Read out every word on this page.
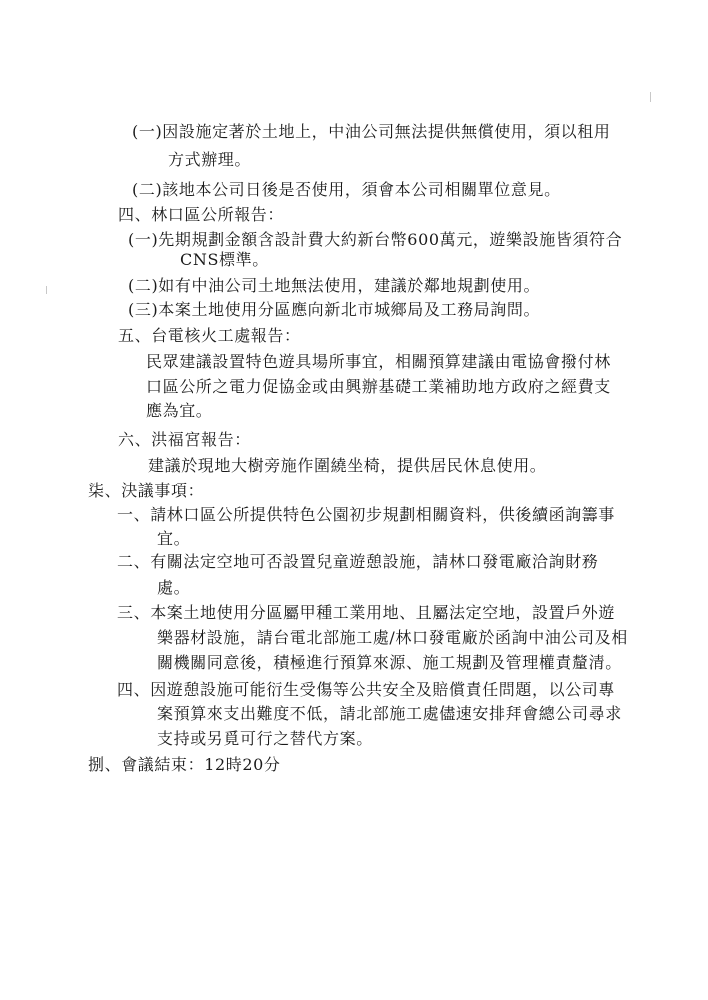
(一)因設施定著於土地上，中油公司無法提供無償使用，須以租用
方式辦理。
(二)該地本公司日後是否使用，須會本公司相關單位意見。
四、林口區公所報告：
(一)先期規劃金額含設計費大約新台幣600萬元，遊樂設施皆須符合
CNS標準。
(二)如有中油公司土地無法使用，建議於鄰地規劃使用。
(三)本案土地使用分區應向新北市城鄉局及工務局詢問。
五、台電核火工處報告：
民眾建議設置特色遊具場所事宜，相關預算建議由電協會撥付林
口區公所之電力促協金或由興辦基礎工業補助地方政府之經費支
應為宜。
六、洪福宮報告：
建議於現地大樹旁施作圍繞坐椅，提供居民休息使用。
柒、決議事項：
一、請林口區公所提供特色公園初步規劃相關資料，供後續函詢籌事
宜。
二、有關法定空地可否設置兒童遊憩設施，請林口發電廠洽詢財務
處。
三、本案土地使用分區屬甲種工業用地、且屬法定空地，設置戶外遊
樂器材設施，請台電北部施工處/林口發電廠於函詢中油公司及相
關機關同意後，積極進行預算來源、施工規劃及管理權責釐清。
四、因遊憩設施可能衍生受傷等公共安全及賠償責任問題，以公司專
案預算來支出難度不低，請北部施工處儘速安排拜會總公司尋求
支持或另覓可行之替代方案。
捌、會議結束：12時20分
